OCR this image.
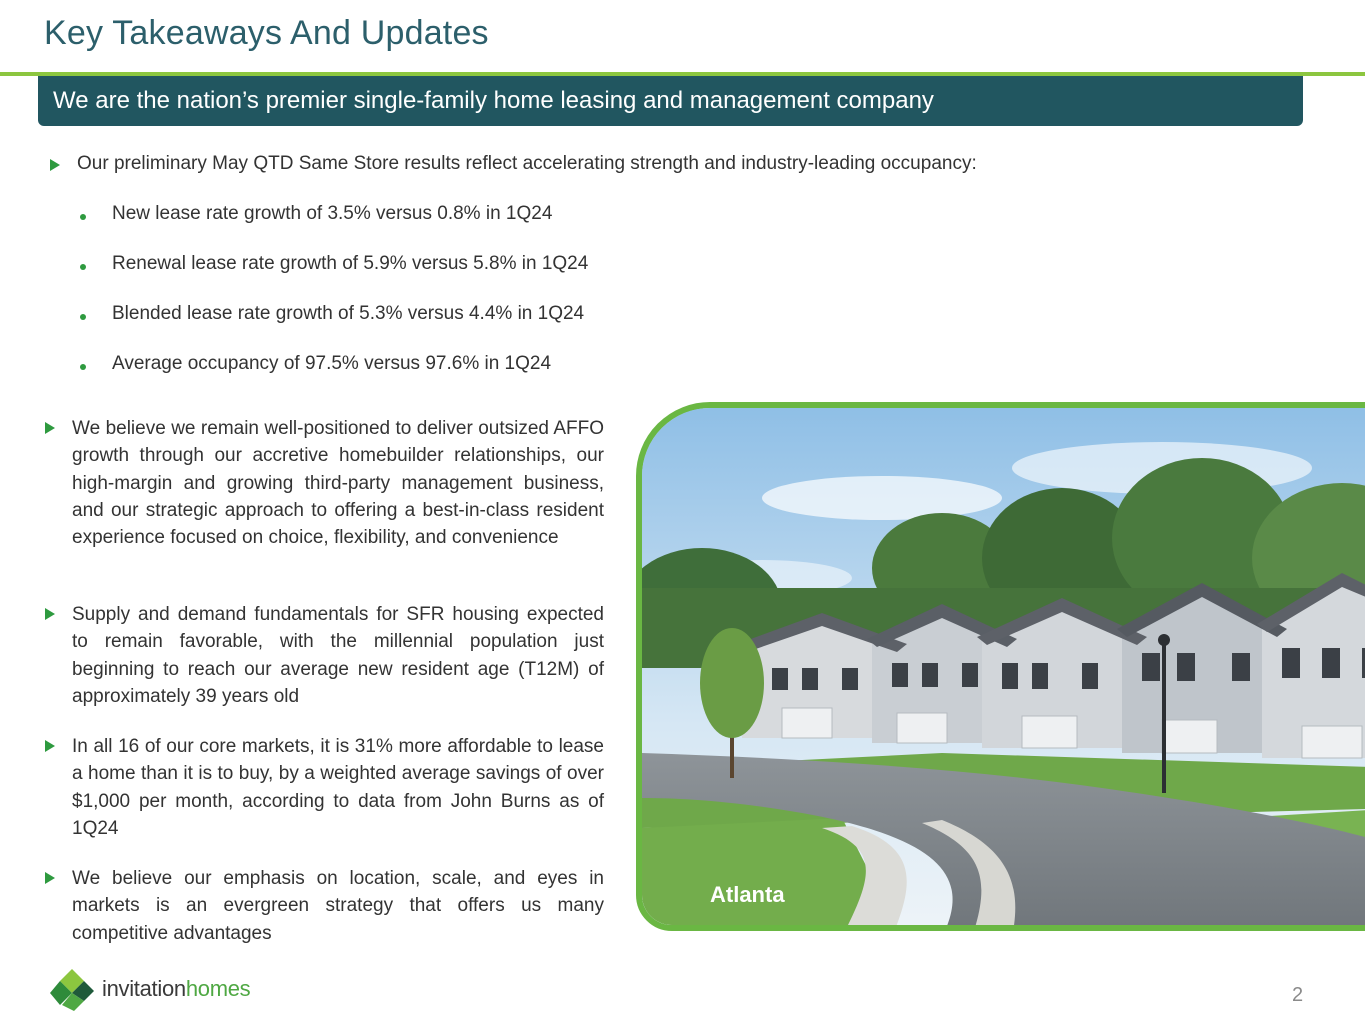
Key Takeaways And Updates
We are the nation’s premier single-family home leasing and management company
Our preliminary May QTD Same Store results reflect accelerating strength and industry-leading occupancy:
New lease rate growth of 3.5% versus 0.8% in 1Q24
Renewal lease rate growth of 5.9% versus 5.8% in 1Q24
Blended lease rate growth of 5.3% versus 4.4% in 1Q24
Average occupancy of 97.5% versus 97.6% in 1Q24
We believe we remain well-positioned to deliver outsized AFFO growth through our accretive homebuilder relationships, our high-margin and growing third-party management business, and our strategic approach to offering a best-in-class resident experience focused on choice, flexibility, and convenience
Supply and demand fundamentals for SFR housing expected to remain favorable, with the millennial population just beginning to reach our average new resident age (T12M) of approximately 39 years old
In all 16 of our core markets, it is 31% more affordable to lease a home than it is to buy, by a weighted average savings of over $1,000 per month, according to data from John Burns as of 1Q24
We believe our emphasis on location, scale, and eyes in markets is an evergreen strategy that offers us many competitive advantages
Atlanta
invitationhomes	2
